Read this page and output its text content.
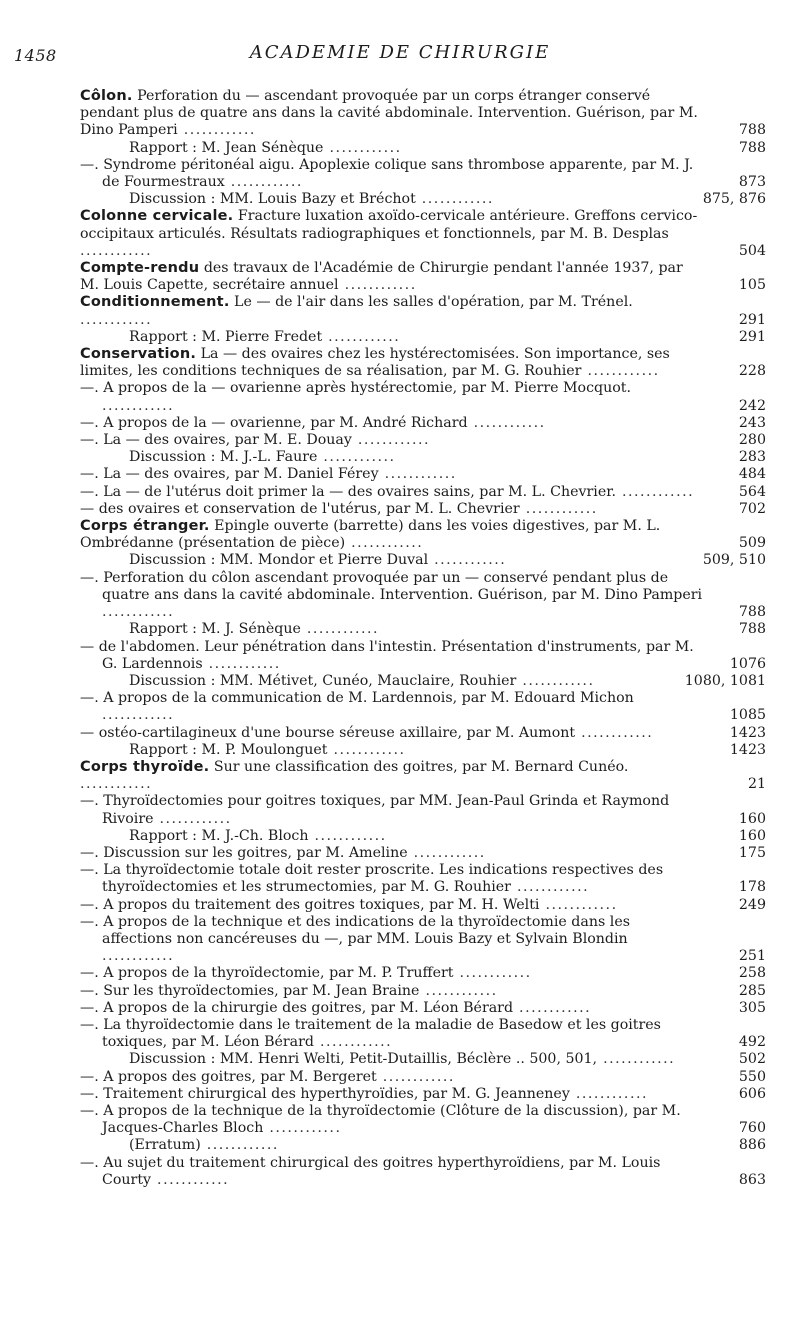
1458	ACADEMIE DE CHIRURGIE
Côlon. Perforation du — ascendant provoquée par un corps étranger conservé pendant plus de quatre ans dans la cavité abdominale. Intervention. Guérison, par M. Dino Pamperi ............	788
Rapport : M. Jean Sénèque ............	788
—. Syndrome péritonéal aigu. Apoplexie colique sans thrombose apparente, par M. J. de Fourmestraux ............	873
Discussion : MM. Louis Bazy et Bréchot ............	875, 876
Colonne cervicale. Fracture luxation axoïdo-cervicale antérieure. Greffons cervico-occipitaux articulés. Résultats radiographiques et fonctionnels, par M. B. Desplas ............	504
Compte-rendu des travaux de l'Académie de Chirurgie pendant l'année 1937, par M. Louis Capette, secrétaire annuel ............	105
Conditionnement. Le — de l'air dans les salles d'opération, par M. Trénel. ............	291
Rapport : M. Pierre Fredet ............	291
Conservation. La — des ovaires chez les hystérectomisées. Son importance, ses limites, les conditions techniques de sa réalisation, par M. G. Rouhier ............	228
—. A propos de la — ovarienne après hystérectomie, par M. Pierre Mocquot. ............	242
—. A propos de la — ovarienne, par M. André Richard ............	243
—. La — des ovaires, par M. E. Douay ............	280
Discussion : M. J.-L. Faure ............	283
—. La — des ovaires, par M. Daniel Férey ............	484
—. La — de l'utérus doit primer la — des ovaires sains, par M. L. Chevrier. ............	564
— des ovaires et conservation de l'utérus, par M. L. Chevrier ............	702
Corps étranger. Epingle ouverte (barrette) dans les voies digestives, par M. L. Ombrédanne (présentation de pièce) ............	509
Discussion : MM. Mondor et Pierre Duval ............	509, 510
—. Perforation du côlon ascendant provoquée par un — conservé pendant plus de quatre ans dans la cavité abdominale. Intervention. Guérison, par M. Dino Pamperi ............	788
Rapport : M. J. Sénèque ............	788
— de l'abdomen. Leur pénétration dans l'intestin. Présentation d'instruments, par M. G. Lardennois ............	1076
Discussion : MM. Métivet, Cunéo, Mauclaire, Rouhier ............	1080, 1081
—. A propos de la communication de M. Lardennois, par M. Edouard Michon ............	1085
— ostéo-cartilagineux d'une bourse séreuse axillaire, par M. Aumont ............	1423
Rapport : M. P. Moulonguet ............	1423
Corps thyroïde. Sur une classification des goitres, par M. Bernard Cunéo. ............	21
—. Thyroïdectomies pour goitres toxiques, par MM. Jean-Paul Grinda et Raymond Rivoire ............	160
Rapport : M. J.-Ch. Bloch ............	160
—. Discussion sur les goitres, par M. Ameline ............	175
—. La thyroïdectomie totale doit rester proscrite. Les indications respectives des thyroïdectomies et les strumectomies, par M. G. Rouhier ............	178
—. A propos du traitement des goitres toxiques, par M. H. Welti ............	249
—. A propos de la technique et des indications de la thyroïdectomie dans les affections non cancéreuses du —, par MM. Louis Bazy et Sylvain Blondin ............	251
—. A propos de la thyroïdectomie, par M. P. Truffert ............	258
—. Sur les thyroïdectomies, par M. Jean Braine ............	285
—. A propos de la chirurgie des goitres, par M. Léon Bérard ............	305
—. La thyroïdectomie dans le traitement de la maladie de Basedow et les goitres toxiques, par M. Léon Bérard ............	492
Discussion : MM. Henri Welti, Petit-Dutaillis, Béclère .. 500, 501, ............	502
—. A propos des goitres, par M. Bergeret ............	550
—. Traitement chirurgical des hyperthyroïdies, par M. G. Jeanneney ............	606
—. A propos de la technique de la thyroïdectomie (Clôture de la discussion), par M. Jacques-Charles Bloch ............	760
(Erratum) ............	886
—. Au sujet du traitement chirurgical des goitres hyperthyroïdiens, par M. Louis Courty ............	863
